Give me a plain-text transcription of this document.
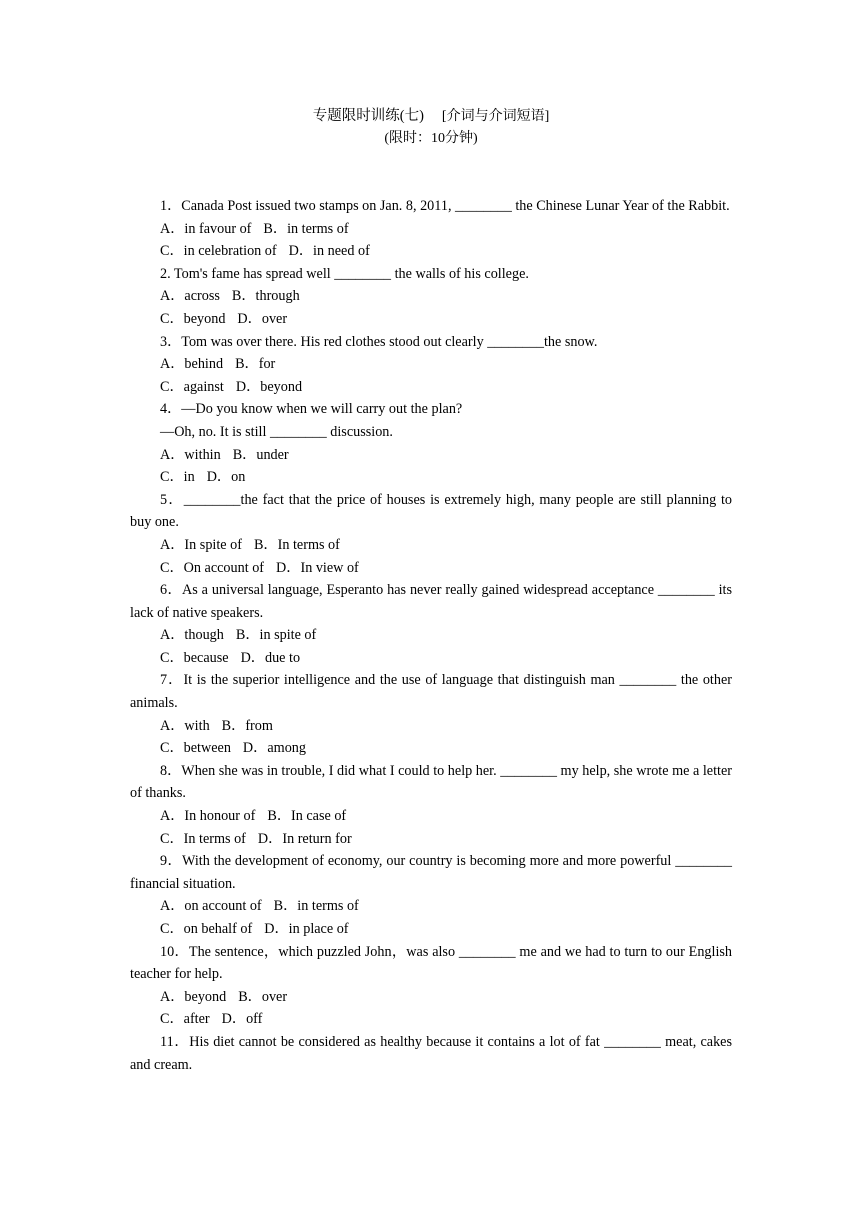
专题限时训练(七) [介词与介词短语]
(限时：10分钟)

1．Canada Post issued two stamps on Jan. 8, 2011, ________ the Chinese Lunar Year of the Rabbit.

A．in favour of B．in terms of

C．in celebration of D．in need of

2. Tom's fame has spread well ________ the walls of his college.

A．across B．through

C．beyond D．over

3．Tom was over there. His red clothes stood out clearly ________the snow.

A．behind B．for

C．against D．beyond

4．—Do you know when we will carry out the plan?

—Oh, no. It is still ________ discussion.

A．within B．under

C．in D．on

5．________the fact that the price of houses is extremely high, many people are still planning to buy one.

A．In spite of B．In terms of

C．On account of D．In view of

6．As a universal language, Esperanto has never really gained widespread acceptance ________ its lack of native speakers.

A．though B．in spite of

C．because D．due to

7．It is the superior intelligence and the use of language that distinguish man ________ the other animals.

A．with B．from

C．between D．among

8．When she was in trouble, I did what I could to help her. ________ my help, she wrote me a letter of thanks.

A．In honour of B．In case of

C．In terms of D．In return for

9．With the development of economy, our country is becoming more and more powerful ________ financial situation.

A．on account of B．in terms of

C．on behalf of D．in place of

10．The sentence，which puzzled John，was also ________ me and we had to turn to our English teacher for help.

A．beyond B．over

C．after D．off

11．His diet cannot be considered as healthy because it contains a lot of fat ________ meat, cakes and cream.
